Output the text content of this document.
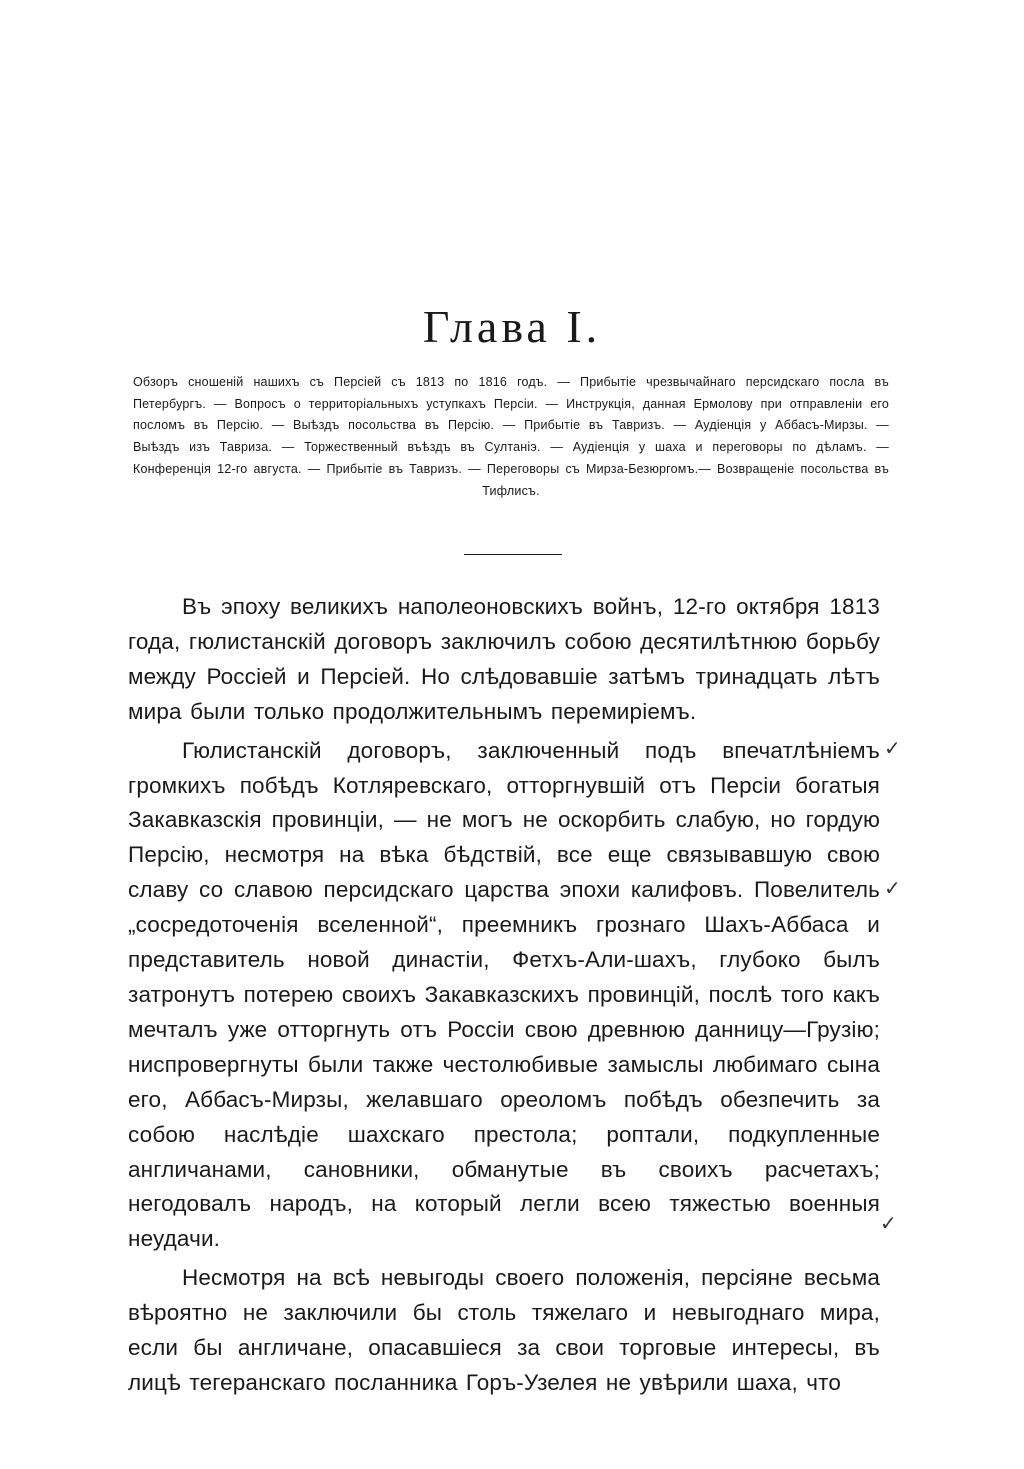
Глава I.

Обзоръ сношеній нашихъ съ Персіей съ 1813 по 1816 годъ. — Прибытіе чрезвычайнаго персидскаго посла въ Петербургъ. — Вопросъ о территоріальныхъ уступкахъ Персіи. — Инструкція, данная Ермолову при отправленіи его посломъ въ Персію. — Выѣздъ посольства въ Персію. — Прибытіе въ Тавризъ. — Аудіенція у Аббасъ-Мирзы. — Выѣздъ изъ Тавриза. — Торжественный въѣздъ въ Султаніэ. — Аудіенція у шаха и переговоры по дѣламъ. — Конференція 12-го августа. — Прибытіе въ Тавризъ. — Переговоры съ Мирза-Безюргомъ.— Возвращеніе посольства въ Тифлисъ.

Въ эпоху великихъ наполеоновскихъ войнъ, 12-го октября 1813 года, гюлистанскій договоръ заключилъ собою десятилѣтнюю борьбу между Россіей и Персіей. Но слѣдовавшіе затѣмъ тринадцать лѣтъ мира были только продолжительнымъ перемиріемъ.

Гюлистанскій договоръ, заключенный подъ впечатлѣніемъ громкихъ побѣдъ Котляревскаго, отторгнувшій отъ Персіи богатыя Закавказскія провинціи, — не могъ не оскорбить слабую, но гордую Персію, несмотря на вѣка бѣдствій, все еще связывавшую свою славу со славою персидскаго царства эпохи калифовъ. Повелитель „сосредоточенія вселенной“, преемникъ грознаго Шахъ-Аббаса и представитель новой династіи, Фетхъ-Али-шахъ, глубоко былъ затронутъ потерею своихъ Закавказскихъ провинцій, послѣ того какъ мечталъ уже отторгнуть отъ Россіи свою древнюю данницу—Грузію; ниспровергнуты были также честолюбивые замыслы любимаго сына его, Аббасъ-Мирзы, желавшаго ореоломъ побѣдъ обезпечить за собою наслѣдіе шахскаго престола; роптали, подкупленные англичанами, сановники, обманутые въ своихъ расчетахъ; негодовалъ народъ, на который легли всею тяжестью военныя неудачи.

Несмотря на всѣ невыгоды своего положенія, персіяне весьма вѣроятно не заключили бы столь тяжелаго и невыгоднаго мира, если бы англичане, опасавшіеся за свои торговые интересы, въ лицѣ тегеранскаго посланника Горъ-Узелея не увѣрили шаха, что

✓
✓
✓
